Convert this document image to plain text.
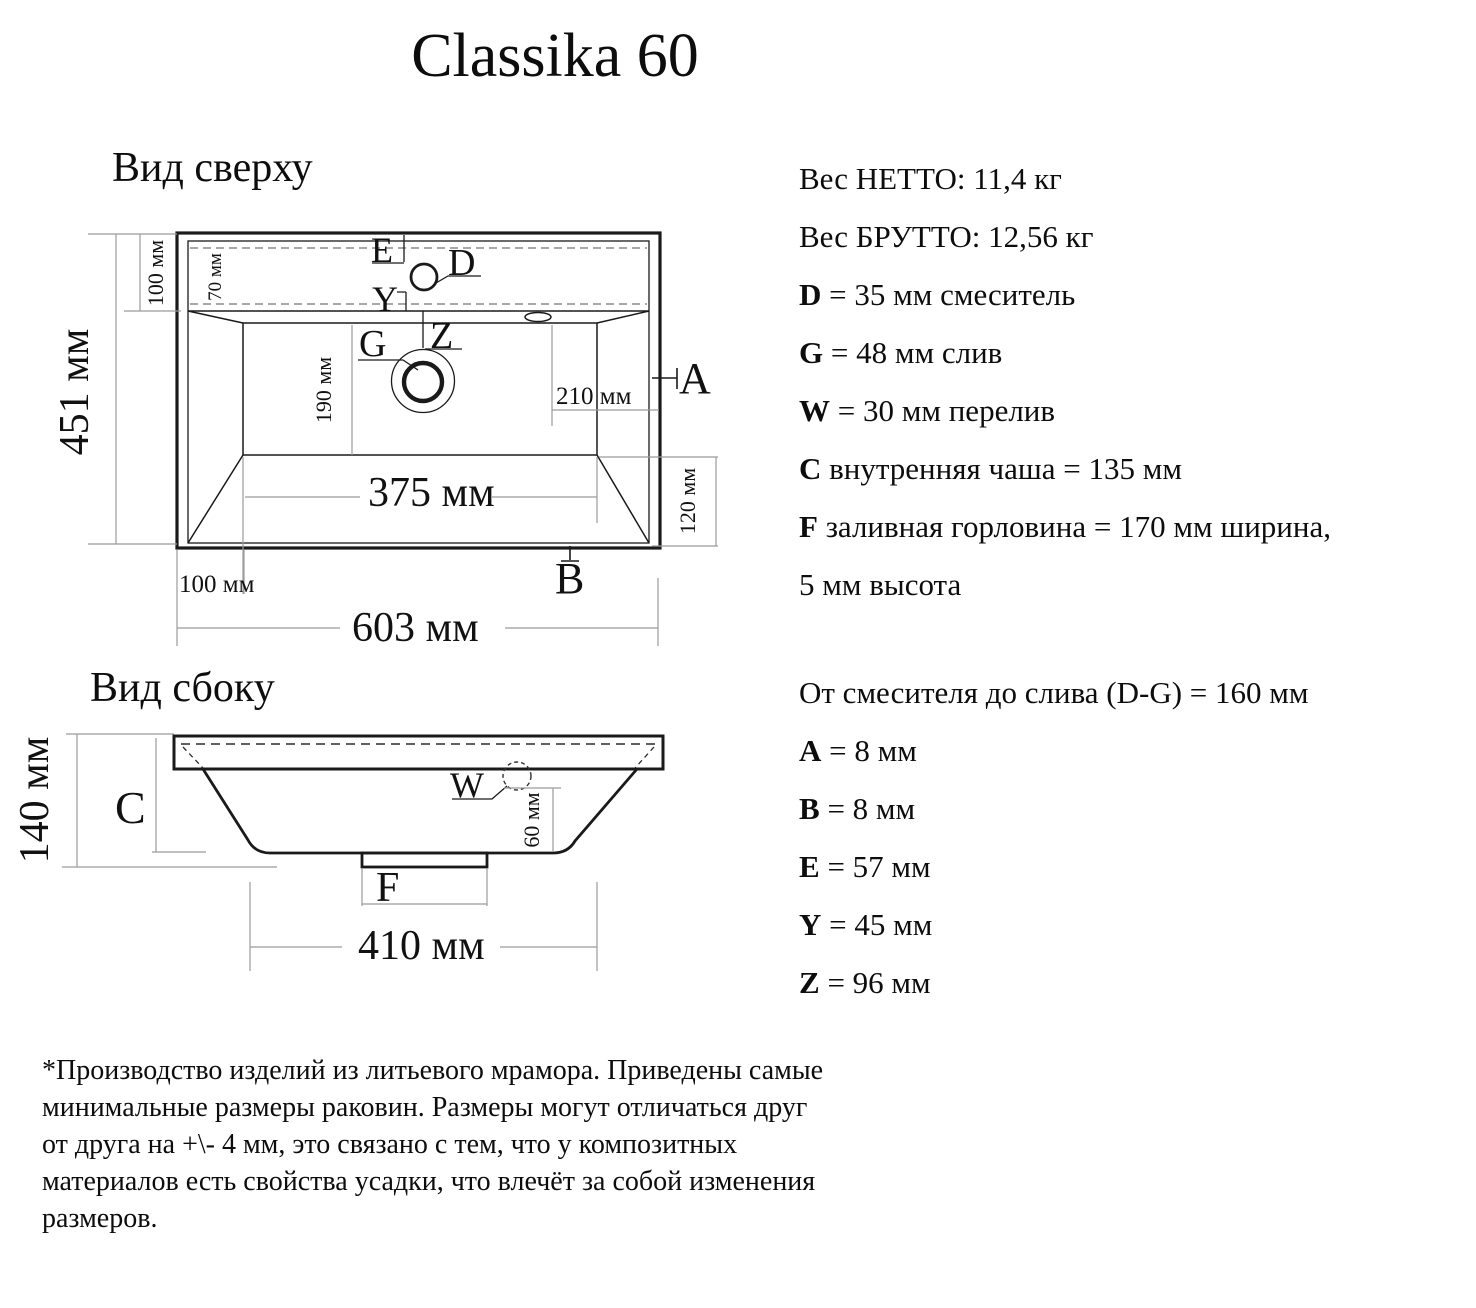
Classika 60
Вид сверху
Вид сбоку
E D
Y
G Z
A
B
451 мм
100 мм 70 мм
190 мм
375 мм
210 мм
120 мм
100 мм
603 мм
C	W
F
140 мм	60 мм
410 мм
Вес НЕТТО: 11,4 кг
Вес БРУТТО: 12,56 кг
D = 35 мм смеситель
G = 48 мм слив
W = 30 мм перелив
C внутренняя чаша = 135 мм
F заливная горловина = 170 мм ширина,
5 мм высота
От смесителя до слива (D-G) = 160 мм
A = 8 мм
B = 8 мм
E = 57 мм
Y = 45 мм
Z = 96 мм
*Производство изделий из литьевого мрамора. Приведены самые
минимальные размеры раковин. Размеры могут отличаться друг
от друга на +\- 4 мм, это связано с тем, что у композитных
материалов есть свойства усадки, что влечёт за собой изменения
размеров.
